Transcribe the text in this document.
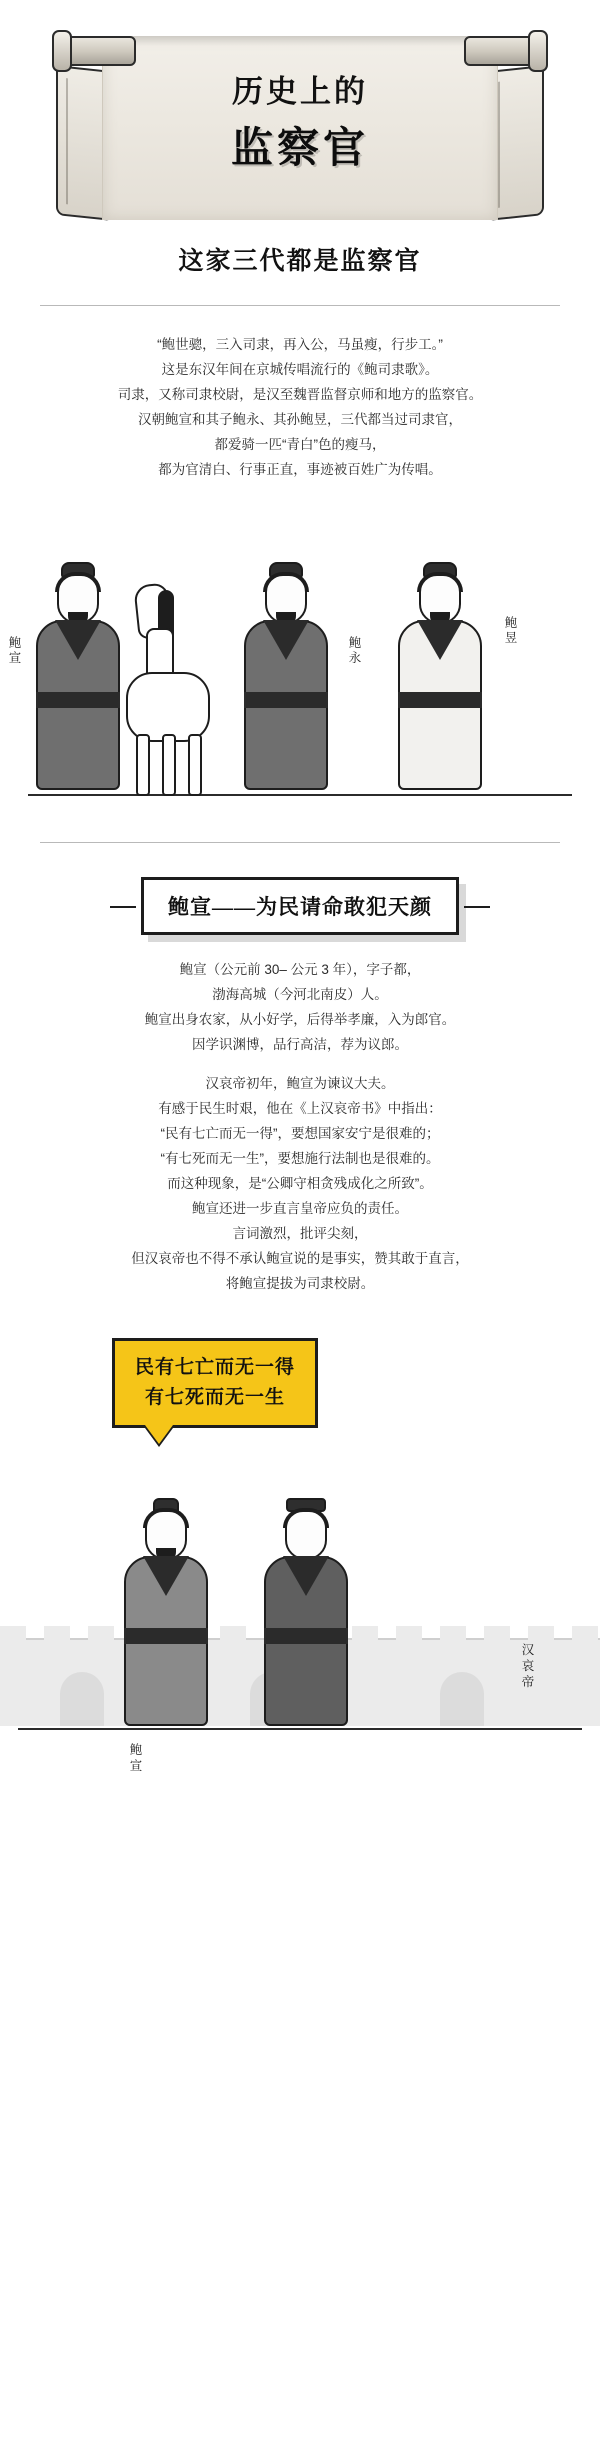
历史上的
监察官
这家三代都是监察官

“鲍世骢，三入司隶，再入公，马虽瘦，行步工。”

这是东汉年间在京城传唱流行的《鲍司隶歌》。

司隶，又称司隶校尉，是汉至魏晋监督京师和地方的监察官。

汉朝鲍宣和其子鲍永、其孙鲍昱，三代都当过司隶官，

都爱骑一匹“青白”色的瘦马，

都为官清白、行事正直，事迹被百姓广为传唱。

鲍宣
鲍永
鲍昱
鲍宣——为民请命敢犯天颜

鲍宣（公元前 30– 公元 3 年），字子都，

渤海高城（今河北南皮）人。

鲍宣出身农家，从小好学，后得举孝廉，入为郎官。

因学识渊博，品行高洁，荐为议郎。

汉哀帝初年，鲍宣为谏议大夫。

有感于民生时艰，他在《上汉哀帝书》中指出：

“民有七亡而无一得”，要想国家安宁是很难的；

“有七死而无一生”，要想施行法制也是很难的。

而这种现象，是“公卿守相贪残成化之所致”。

鲍宣还进一步直言皇帝应负的责任。

言词激烈，批评尖刻，

但汉哀帝也不得不承认鲍宣说的是事实，赞其敢于直言，

将鲍宣提拔为司隶校尉。

民有七亡而无一得
有七死而无一生
鲍宣
汉哀帝
